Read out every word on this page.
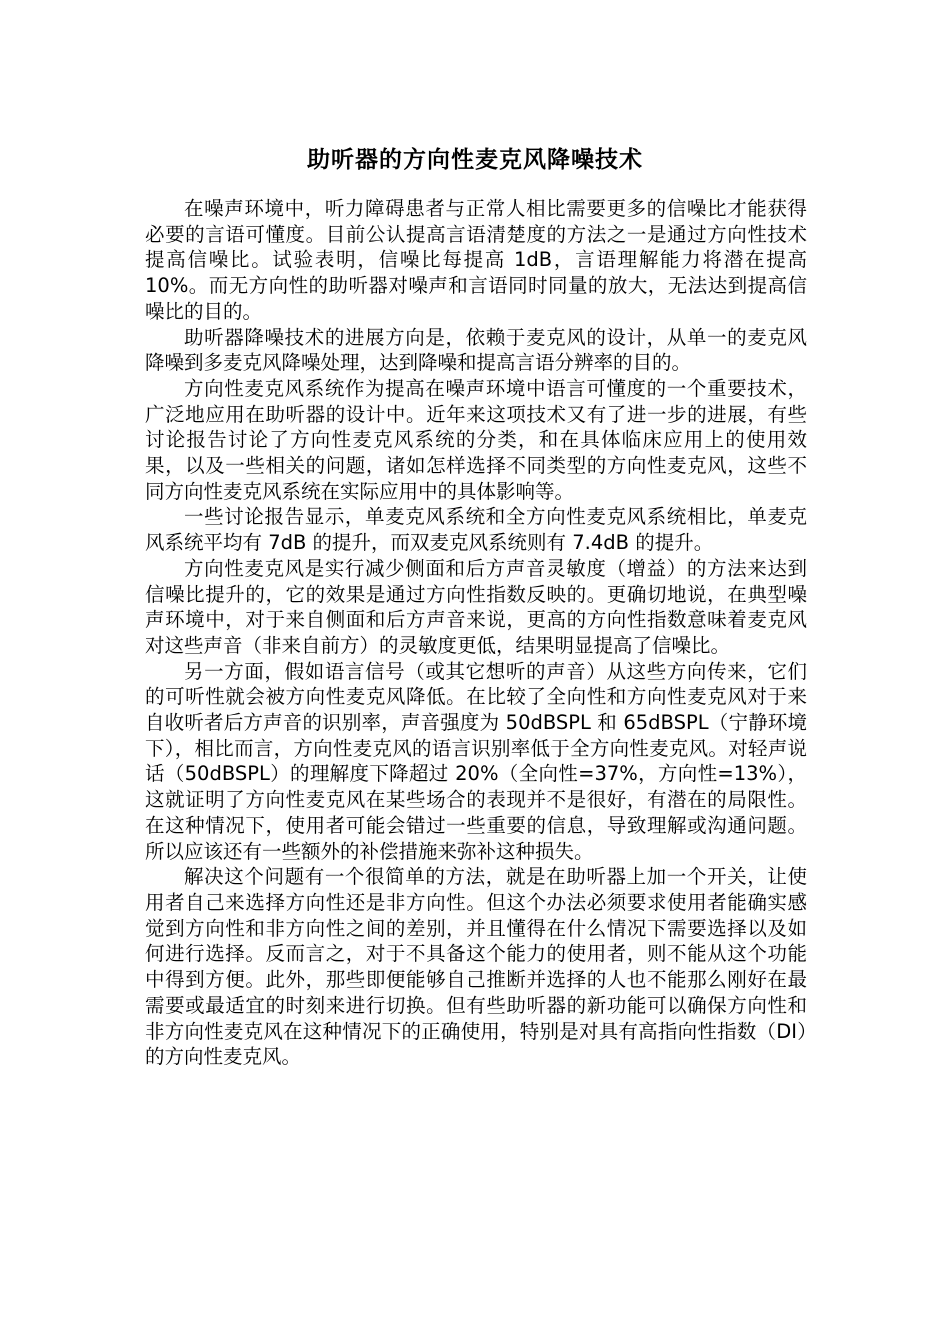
助听器的方向性麦克风降噪技术

在噪声环境中，听力障碍患者与正常人相比需要更多的信噪比才能获得必要的言语可懂度。目前公认提高言语清楚度的方法之一是通过方向性技术提高信噪比。试验表明，信噪比每提高 1dB，言语理解能力将潜在提高 10%。而无方向性的助听器对噪声和言语同时同量的放大，无法达到提高信噪比的目的。

助听器降噪技术的进展方向是，依赖于麦克风的设计，从单一的麦克风降噪到多麦克风降噪处理，达到降噪和提高言语分辨率的目的。

方向性麦克风系统作为提高在噪声环境中语言可懂度的一个重要技术，广泛地应用在助听器的设计中。近年来这项技术又有了进一步的进展，有些讨论报告讨论了方向性麦克风系统的分类，和在具体临床应用上的使用效果，以及一些相关的问题，诸如怎样选择不同类型的方向性麦克风，这些不同方向性麦克风系统在实际应用中的具体影响等。

一些讨论报告显示，单麦克风系统和全方向性麦克风系统相比，单麦克风系统平均有 7dB 的提升，而双麦克风系统则有 7.4dB 的提升。

方向性麦克风是实行减少侧面和后方声音灵敏度（增益）的方法来达到信噪比提升的，它的效果是通过方向性指数反映的。更确切地说，在典型噪声环境中，对于来自侧面和后方声音来说，更高的方向性指数意味着麦克风对这些声音（非来自前方）的灵敏度更低，结果明显提高了信噪比。

另一方面，假如语言信号（或其它想听的声音）从这些方向传来，它们的可听性就会被方向性麦克风降低。在比较了全向性和方向性麦克风对于来自收听者后方声音的识别率，声音强度为 50dBSPL 和 65dBSPL（宁静环境下），相比而言，方向性麦克风的语言识别率低于全方向性麦克风。对轻声说话（50dBSPL）的理解度下降超过 20%（全向性=37%，方向性=13%），这就证明了方向性麦克风在某些场合的表现并不是很好，有潜在的局限性。在这种情况下，使用者可能会错过一些重要的信息，导致理解或沟通问题。所以应该还有一些额外的补偿措施来弥补这种损失。

解决这个问题有一个很简单的方法，就是在助听器上加一个开关，让使用者自己来选择方向性还是非方向性。但这个办法必须要求使用者能确实感觉到方向性和非方向性之间的差别，并且懂得在什么情况下需要选择以及如何进行选择。反而言之，对于不具备这个能力的使用者，则不能从这个功能中得到方便。此外，那些即便能够自己推断并选择的人也不能那么刚好在最需要或最适宜的时刻来进行切换。但有些助听器的新功能可以确保方向性和非方向性麦克风在这种情况下的正确使用，特别是对具有高指向性指数（DI）的方向性麦克风。
